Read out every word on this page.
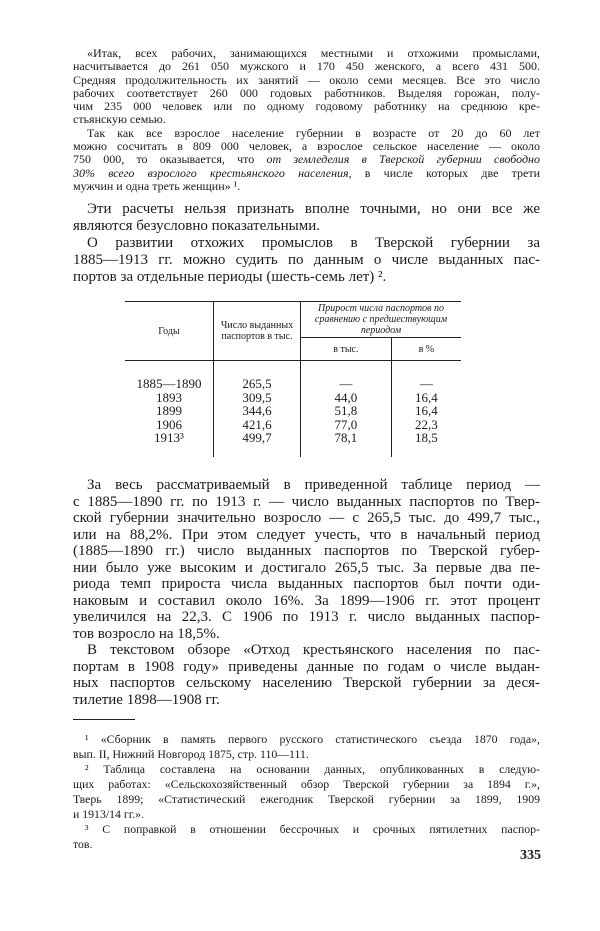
«Итак, всех рабочих, занимающихся местными и отхожими промыслами,
насчитывается до 261 050 мужского и 170 450 женского, а всего 431 500.
Средняя продолжительность их занятий — около семи месяцев. Все это число
рабочих соответствует 260 000 годовых работников. Выделяя горожан, полу-
чим 235 000 человек или по одному годовому работнику на среднюю кре-
стьянскую семью.
Так как все взрослое население губернии в возрасте от 20 до 60 лет
можно сосчитать в 809 000 человек, а взрослое сельское население — около
750 000, то оказывается, что от земледелия в Тверской губернии свободно
30% всего взрослого крестьянского населения, в числе которых две трети
мужчин и одна треть женщин» ¹.
Эти расчеты нельзя признать вполне точными, но они все же
являются безусловно показательными.
О развитии отхожих промыслов в Тверской губернии за
1885—1913 гг. можно судить по данным о числе выданных пас-
портов за отдельные периоды (шесть-семь лет) ².
Годы	Число выданных паспортов в тыс.	Прирост числа паспортов по сравнению с предшествующим периодом	
		в тыс.	в %
1885—1890	265,5	—	—
1893	309,5	44,0	16,4
1899	344,6	51,8	16,4
1906	421,6	77,0	22,3
1913³	499,7	78,1	18,5
За весь рассматриваемый в приведенной таблице период —
с 1885—1890 гг. по 1913 г. — число выданных паспортов по Твер-
ской губернии значительно возросло — с 265,5 тыс. до 499,7 тыс.,
или на 88,2%. При этом следует учесть, что в начальный период
(1885—1890 гг.) число выданных паспортов по Тверской губер-
нии было уже высоким и достигало 265,5 тыс. За первые два пе-
риода темп прироста числа выданных паспортов был почти оди-
наковым и составил около 16%. За 1899—1906 гг. этот процент
увеличился на 22,3. С 1906 по 1913 г. число выданных паспор-
тов возросло на 18,5%.
В текстовом обзоре «Отход крестьянского населения по пас-
портам в 1908 году» приведены данные по годам о числе выдан-
ных паспортов сельскому населению Тверской губернии за деся-
тилетие 1898—1908 гг.
¹ «Сборник в память первого русского статистического съезда 1870 года»,
вып. II, Нижний Новгород 1875, стр. 110—111.
² Таблица составлена на основании данных, опубликованных в следую-
щих работах: «Сельскохозяйственный обзор Тверской губернии за 1894 г.»,
Тверь 1899; «Статистический ежегодник Тверской губернии за 1899, 1909
и 1913/14 гг.».
³ С поправкой в отношении бессрочных и срочных пятилетних паспор-
тов.
335
